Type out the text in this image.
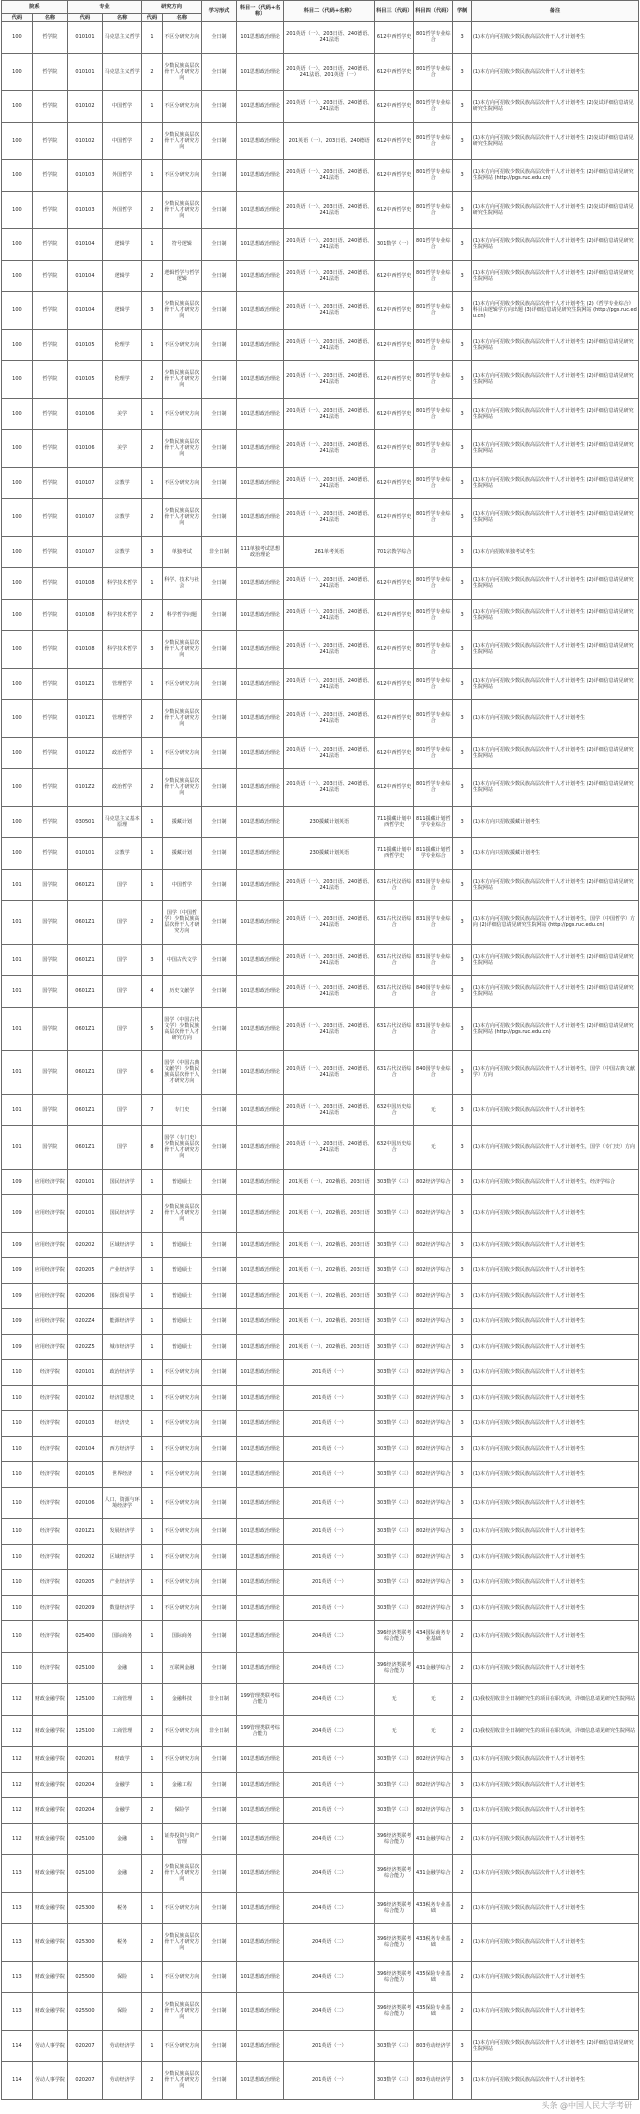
院系		专业		研究方向		学习形式	科目一（代码+名称）	科目二（代码+名称）	科目三（代码）	科目四（代码）	学制	备注
代码	名称	代码	名称	代码	名称							
100	哲学院	010101	马克思主义哲学	1	不区分研究方向	全日制	101思想政治理论	201英语（一）、203日语、240德语、241法语	612中西哲学史	801哲学专业综合	3	(1)本方向可招收少数民族高层次骨干人才计划考生
100	哲学院	010101	马克思主义哲学	2	少数民族高层次骨干人才研究方向	全日制	101思想政治理论	201英语（一）、203日语、240德语、241法语、201英语（一）	612中西哲学史	801哲学专业综合	3	(1)本方向可招收少数民族高层次骨干人才计划考生
100	哲学院	010102	中国哲学	1	不区分研究方向	全日制	101思想政治理论	201英语（一）、203日语、240德语、241法语	612中西哲学史	801哲学专业综合	3	(1)本方向可招收少数民族高层次骨干人才计划考生 (2)复试详细信息请见研究生院网站
100	哲学院	010102	中国哲学	2	少数民族高层次骨干人才研究方向	全日制	101思想政治理论	201英语（一）、203日语、240德语	612中西哲学史	801哲学专业综合	3	(1)本方向可招收少数民族高层次骨干人才计划考生 (2)复试详细信息请见研究生院网站
100	哲学院	010103	外国哲学	1	不区分研究方向	全日制	101思想政治理论	201英语（一）、203日语、240德语、241法语	612中西哲学史	801哲学专业综合	3	(1)本方向可招收少数民族高层次骨干人才计划考生 (2)详细信息请见研究生院网站 (http://pgs.ruc.edu.cn)
100	哲学院	010103	外国哲学	2	少数民族高层次骨干人才研究方向	全日制	101思想政治理论	201英语（一）、203日语、240德语、241法语	612中西哲学史	801哲学专业综合	3	(1)本方向可招收少数民族高层次骨干人才计划考生 (2)复试详细信息请见研究生院网站
100	哲学院	010104	逻辑学	1	符号逻辑	全日制	101思想政治理论	201英语（一）、203日语、240德语、241法语	301数学（一）	801哲学专业综合	3	(1)本方向可招收少数民族高层次骨干人才计划考生 (2)详细信息请见研究生院网站
100	哲学院	010104	逻辑学	2	逻辑哲学与哲学逻辑	全日制	101思想政治理论	201英语（一）、203日语、240德语、241法语	612中西哲学史	801哲学专业综合	3	(1)本方向可招收少数民族高层次骨干人才计划考生 (2)详细信息请见研究生院网站
100	哲学院	010104	逻辑学	3	少数民族高层次骨干人才研究方向	全日制	101思想政治理论	201英语（一）、203日语、240德语、241法语	612中西哲学史	801哲学专业综合	3	(1)本方向可招收少数民族高层次骨干人才计划考生 (2)《哲学专业综合》科目由逻辑学方向出题 (3)详细信息请见研究生院网站 (http://pgs.ruc.edu.cn)
100	哲学院	010105	伦理学	1	不区分研究方向	全日制	101思想政治理论	201英语（一）、203日语、240德语、241法语	612中西哲学史	801哲学专业综合	3	(1)本方向可招收少数民族高层次骨干人才计划考生 (2)详细信息请见研究生院网站
100	哲学院	010105	伦理学	2	少数民族高层次骨干人才研究方向	全日制	101思想政治理论	201英语（一）、203日语、240德语、241法语	612中西哲学史	801哲学专业综合	3	(1)本方向可招收少数民族高层次骨干人才计划考生 (2)详细信息请见研究生院网站
100	哲学院	010106	美学	1	不区分研究方向	全日制	101思想政治理论	201英语（一）、203日语、240德语、241法语	612中西哲学史	801哲学专业综合	3	(1)本方向可招收少数民族高层次骨干人才计划考生 (2)详细信息请见研究生院网站
100	哲学院	010106	美学	2	少数民族高层次骨干人才研究方向	全日制	101思想政治理论	201英语（一）、203日语、240德语、241法语	612中西哲学史	801哲学专业综合	3	(1)本方向可招收少数民族高层次骨干人才计划考生 (2)详细信息请见研究生院网站
100	哲学院	010107	宗教学	1	不区分研究方向	全日制	101思想政治理论	201英语（一）、203日语、240德语、241法语	612中西哲学史	801哲学专业综合	3	(1)本方向可招收少数民族高层次骨干人才计划考生 (2)详细信息请见研究生院网站
100	哲学院	010107	宗教学	2	少数民族高层次骨干人才研究方向	全日制	101思想政治理论	201英语（一）、203日语、240德语、241法语	612中西哲学史	801哲学专业综合	3	(1)本方向可招收少数民族高层次骨干人才计划考生 (2)详细信息请见研究生院网站
100	哲学院	010107	宗教学	3	单独考试	非全日制	111单独考试思想政治理论	261单考英语	701宗教学综合		3	(1)本方向招收单独考试考生
100	哲学院	010108	科学技术哲学	1	科学、技术与社会	全日制	101思想政治理论	201英语（一）、203日语、240德语、241法语	612中西哲学史	801哲学专业综合	3	(1)本方向可招收少数民族高层次骨干人才计划考生 (2)详细信息请见研究生院网站
100	哲学院	010108	科学技术哲学	2	科学哲学问题	全日制	101思想政治理论	201英语（一）、203日语、240德语、241法语	612中西哲学史	801哲学专业综合	3	(1)本方向可招收少数民族高层次骨干人才计划考生 (2)详细信息请见研究生院网站
100	哲学院	010108	科学技术哲学	3	少数民族高层次骨干人才研究方向	全日制	101思想政治理论	201英语（一）、203日语、240德语、241法语	612中西哲学史	801哲学专业综合	3	(1)本方向可招收少数民族高层次骨干人才计划考生 (2)详细信息请见研究生院网站
100	哲学院	0101Z1	管理哲学	1	不区分研究方向	全日制	101思想政治理论	201英语（一）、203日语、240德语、241法语	612中西哲学史	801哲学专业综合	3	(1)本方向可招收少数民族高层次骨干人才计划考生 (2)详细信息请见研究生院网站
100	哲学院	0101Z1	管理哲学	2	少数民族高层次骨干人才研究方向	全日制	101思想政治理论	201英语（一）、203日语、240德语、241法语	612中西哲学史	801哲学专业综合	3	(1)本方向可招收少数民族高层次骨干人才计划考生
100	哲学院	0101Z2	政治哲学	1	不区分研究方向	全日制	101思想政治理论	201英语（一）、203日语、240德语、241法语	612中西哲学史	801哲学专业综合	3	(1)本方向可招收少数民族高层次骨干人才计划考生 (2)详细信息请见研究生院网站
100	哲学院	0101Z2	政治哲学	2	少数民族高层次骨干人才研究方向	全日制	101思想政治理论	201英语（一）、203日语、240德语、241法语	612中西哲学史	801哲学专业综合	3	(1)本方向可招收少数民族高层次骨干人才计划考生 (2)详细信息请见研究生院网站
100	哲学院	030501	马克思主义基本原理	1	援藏计划	全日制	101思想政治理论	230援藏计划英语	711援藏计划中西哲学史	811援藏计划哲学专业综合	3	(1)本方向只招收援藏计划考生
100	哲学院	010101	宗教学	1	援藏计划	全日制	101思想政治理论	230援藏计划英语	711援藏计划中西哲学史	811援藏计划哲学专业综合	3	(1)本方向只招收援藏计划考生
101	国学院	0601Z1	国学	1	中国哲学	全日制	101思想政治理论	201英语（一）、203日语、240德语、241法语	631古代汉语综合	831国学专业综合	3	(1)本方向可招收少数民族高层次骨干人才计划考生 (2)详细信息请见研究生院网站
101	国学院	0601Z1	国学	2	国学（中国哲学）少数民族高层次骨干人才研究方向	全日制	101思想政治理论	201英语（一）、203日语、240德语、241法语	631古代汉语综合	831国学专业综合	3	(1)本方向可招收少数民族高层次骨干人才计划考生，国学（中国哲学）方向 (2)详细信息请见研究生院网站 (http://pgs.ruc.edu.cn)
101	国学院	0601Z1	国学	3	中国古代文学	全日制	101思想政治理论	201英语（一）、203日语、240德语、241法语	631古代汉语综合	831国学专业综合	3	(1)本方向可招收少数民族高层次骨干人才计划考生 (2)详细信息请见研究生院网站
101	国学院	0601Z1	国学	4	历史文献学	全日制	101思想政治理论	201英语（一）、203日语、240德语、241法语	631古代汉语综合	840国学专业综合	3	(1)本方向可招收少数民族高层次骨干人才计划考生 (2)详细信息请见研究生院网站
101	国学院	0601Z1	国学	5	国学（中国古代文学）少数民族高层次骨干人才研究方向	全日制	101思想政治理论	201英语（一）、203日语、240德语、241法语	631古代汉语综合	831国学专业综合	3	(1)本方向可招收少数民族高层次骨干人才计划考生 (2)详细信息请见研究生院网站 (http://pgs.ruc.edu.cn)
101	国学院	0601Z1	国学	6	国学（中国古典文献学）少数民族高层次骨干人才研究方向	全日制	101思想政治理论	201英语（一）、203日语、240德语、241法语	631古代汉语综合	840国学专业综合	3	(1)本方向可招收少数民族高层次骨干人才计划考生，国学（中国古典文献学）方向
101	国学院	0601Z1	国学	7	专门史	全日制	101思想政治理论	201英语（一）、203日语、240德语、241法语	632中国历史综合	无	3	(1)本方向可招收少数民族高层次骨干人才计划考生
101	国学院	0601Z1	国学	8	国学（专门史）少数民族高层次骨干人才研究方向	全日制	101思想政治理论	201英语（一）、203日语、240德语、241法语	632中国历史综合	无	3	(1)本方向可招收少数民族高层次骨干人才计划考生，国学（专门史）方向
109	应用经济学院	020101	国民经济学	1	普通硕士	全日制	101思想政治理论	201英语（一）、202俄语、203日语	303数学（三）	802经济学综合	3	(1)本方向可招收少数民族高层次骨干人才计划考生，经济学综合
109	应用经济学院	020101	国民经济学	2	少数民族高层次骨干人才研究方向	全日制	101思想政治理论	201英语（一）、202俄语、203日语	303数学（三）	802经济学综合	3	(1)本方向可招收少数民族高层次骨干人才计划考生
109	应用经济学院	020202	区域经济学	1	普通硕士	全日制	101思想政治理论	201英语（一）、202俄语、203日语	303数学（三）	802经济学综合	3	(1)本方向可招收少数民族高层次骨干人才计划考生
109	应用经济学院	020205	产业经济学	1	普通硕士	全日制	101思想政治理论	201英语（一）、202俄语、203日语	303数学（三）	802经济学综合	3	(1)本方向可招收少数民族高层次骨干人才计划考生
109	应用经济学院	020206	国际贸易学	1	普通硕士	全日制	101思想政治理论	201英语（一）、202俄语、203日语	303数学（三）	802经济学综合	3	(1)本方向可招收少数民族高层次骨干人才计划考生
109	应用经济学院	0202Z4	能源经济学	1	普通硕士	全日制	101思想政治理论	201英语（一）、202俄语、203日语	303数学（三）	802经济学综合	3	(1)本方向可招收少数民族高层次骨干人才计划考生
109	应用经济学院	0202Z5	城市经济学	1	普通硕士	全日制	101思想政治理论	201英语（一）、202俄语、203日语	303数学（三）	802经济学综合	3	(1)本方向可招收少数民族高层次骨干人才计划考生
110	经济学院	020101	政治经济学	1	不区分研究方向	全日制	101思想政治理论	201英语（一）	303数学（三）	802经济学综合	3	(1)本方向可招收少数民族高层次骨干人才计划考生
110	经济学院	020102	经济思想史	1	不区分研究方向	全日制	101思想政治理论	201英语（一）	303数学（三）	802经济学综合	3	(1)本方向可招收少数民族高层次骨干人才计划考生
110	经济学院	020103	经济史	1	不区分研究方向	全日制	101思想政治理论	201英语（一）	303数学（三）	802经济学综合	3	(1)本方向可招收少数民族高层次骨干人才计划考生
110	经济学院	020104	西方经济学	1	不区分研究方向	全日制	101思想政治理论	201英语（一）	303数学（三）	802经济学综合	3	(1)本方向可招收少数民族高层次骨干人才计划考生
110	经济学院	020105	世界经济	1	不区分研究方向	全日制	101思想政治理论	201英语（一）	303数学（三）	802经济学综合	3	(1)本方向可招收少数民族高层次骨干人才计划考生
110	经济学院	020106	人口、资源与环境经济学	1	不区分研究方向	全日制	101思想政治理论	201英语（一）	303数学（三）	802经济学综合	3	(1)本方向可招收少数民族高层次骨干人才计划考生
110	经济学院	0201Z1	发展经济学	1	不区分研究方向	全日制	101思想政治理论	201英语（一）	303数学（三）	802经济学综合	3	(1)本方向可招收少数民族高层次骨干人才计划考生
110	经济学院	020202	区域经济学	1	不区分研究方向	全日制	101思想政治理论	201英语（一）	303数学（三）	802经济学综合	3	(1)本方向可招收少数民族高层次骨干人才计划考生
110	经济学院	020205	产业经济学	1	不区分研究方向	全日制	101思想政治理论	201英语（一）	303数学（三）	802经济学综合	3	(1)本方向可招收少数民族高层次骨干人才计划考生
110	经济学院	020209	数量经济学	1	不区分研究方向	全日制	101思想政治理论	201英语（一）	303数学（三）	802经济学综合	3	(1)本方向可招收少数民族高层次骨干人才计划考生
110	经济学院	025400	国际商务	1	国际商务	全日制	101思想政治理论	204英语（二）	396经济类联考综合能力	434国际商务专业基础	2	(1)本方向可招收少数民族高层次骨干人才计划考生
110	经济学院	025100	金融	1	互联网金融	全日制	101思想政治理论	204英语（二）	396经济类联考综合能力	431金融学综合	2	(1)本方向可招收少数民族高层次骨干人才计划考生
112	财政金融学院	125100	工商管理	1	金融科技	非全日制	199管理类联考综合能力	204英语（二）	无	无	2	(1)我校招收非全日制研究生的项目在职攻读，详细信息请见研究生院网站
112	财政金融学院	125100	工商管理	2	不区分研究方向	非全日制	199管理类联考综合能力	204英语（二）	无	无	2	(1)我校招收非全日制研究生的项目在职攻读，详细信息请见研究生院网站
112	财政金融学院	020201	财政学	1	不区分研究方向	全日制	101思想政治理论	201英语（一）	303数学（三）	802经济学综合	3	(1)本方向可招收少数民族高层次骨干人才计划考生
112	财政金融学院	020204	金融学	1	金融工程	全日制	101思想政治理论	201英语（一）	303数学（三）	802经济学综合	3	(1)本方向可招收少数民族高层次骨干人才计划考生
112	财政金融学院	020204	金融学	2	保险学	全日制	101思想政治理论	201英语（一）	303数学（三）	802经济学综合	3	(1)本方向可招收少数民族高层次骨干人才计划考生
112	财政金融学院	025100	金融	1	证券投资与资产管理	全日制	101思想政治理论	204英语（二）	396经济类联考综合能力	431金融学综合	2	(1)本方向可招收少数民族高层次骨干人才计划考生
113	财政金融学院	025100	金融	2	少数民族高层次骨干人才研究方向	全日制	101思想政治理论	204英语（二）	396经济类联考综合能力	431金融学综合	2	(1)本方向可招收少数民族高层次骨干人才计划考生
113	财政金融学院	025300	税务	1	不区分研究方向	全日制	101思想政治理论	204英语（二）	396经济类联考综合能力	433税务专业基础	2	(1)本方向可招收少数民族高层次骨干人才计划考生
113	财政金融学院	025300	税务	2	少数民族高层次骨干人才研究方向	全日制	101思想政治理论	204英语（二）	396经济类联考综合能力	433税务专业基础	2	(1)本方向可招收少数民族高层次骨干人才计划考生
113	财政金融学院	025500	保险	1	不区分研究方向	全日制	101思想政治理论	204英语（二）	396经济类联考综合能力	435保险专业基础	2	(1)本方向可招收少数民族高层次骨干人才计划考生
113	财政金融学院	025500	保险	2	少数民族高层次骨干人才研究方向	全日制	101思想政治理论	204英语（二）	396经济类联考综合能力	435保险专业基础	2	(1)本方向可招收少数民族高层次骨干人才计划考生
114	劳动人事学院	020207	劳动经济学	1	不区分研究方向	全日制	101思想政治理论	201英语（一）	303数学（三）	803劳动经济学	3	(1)本方向可招收少数民族高层次骨干人才计划考生 (2)详细信息请见研究生院网站
114	劳动人事学院	020207	劳动经济学	2	少数民族高层次骨干人才研究方向	全日制	101思想政治理论	201英语（一）	303数学（三）	803劳动经济学	3	(1)本方向可招收少数民族高层次骨干人才计划考生
头条 @中国人民大学考研
